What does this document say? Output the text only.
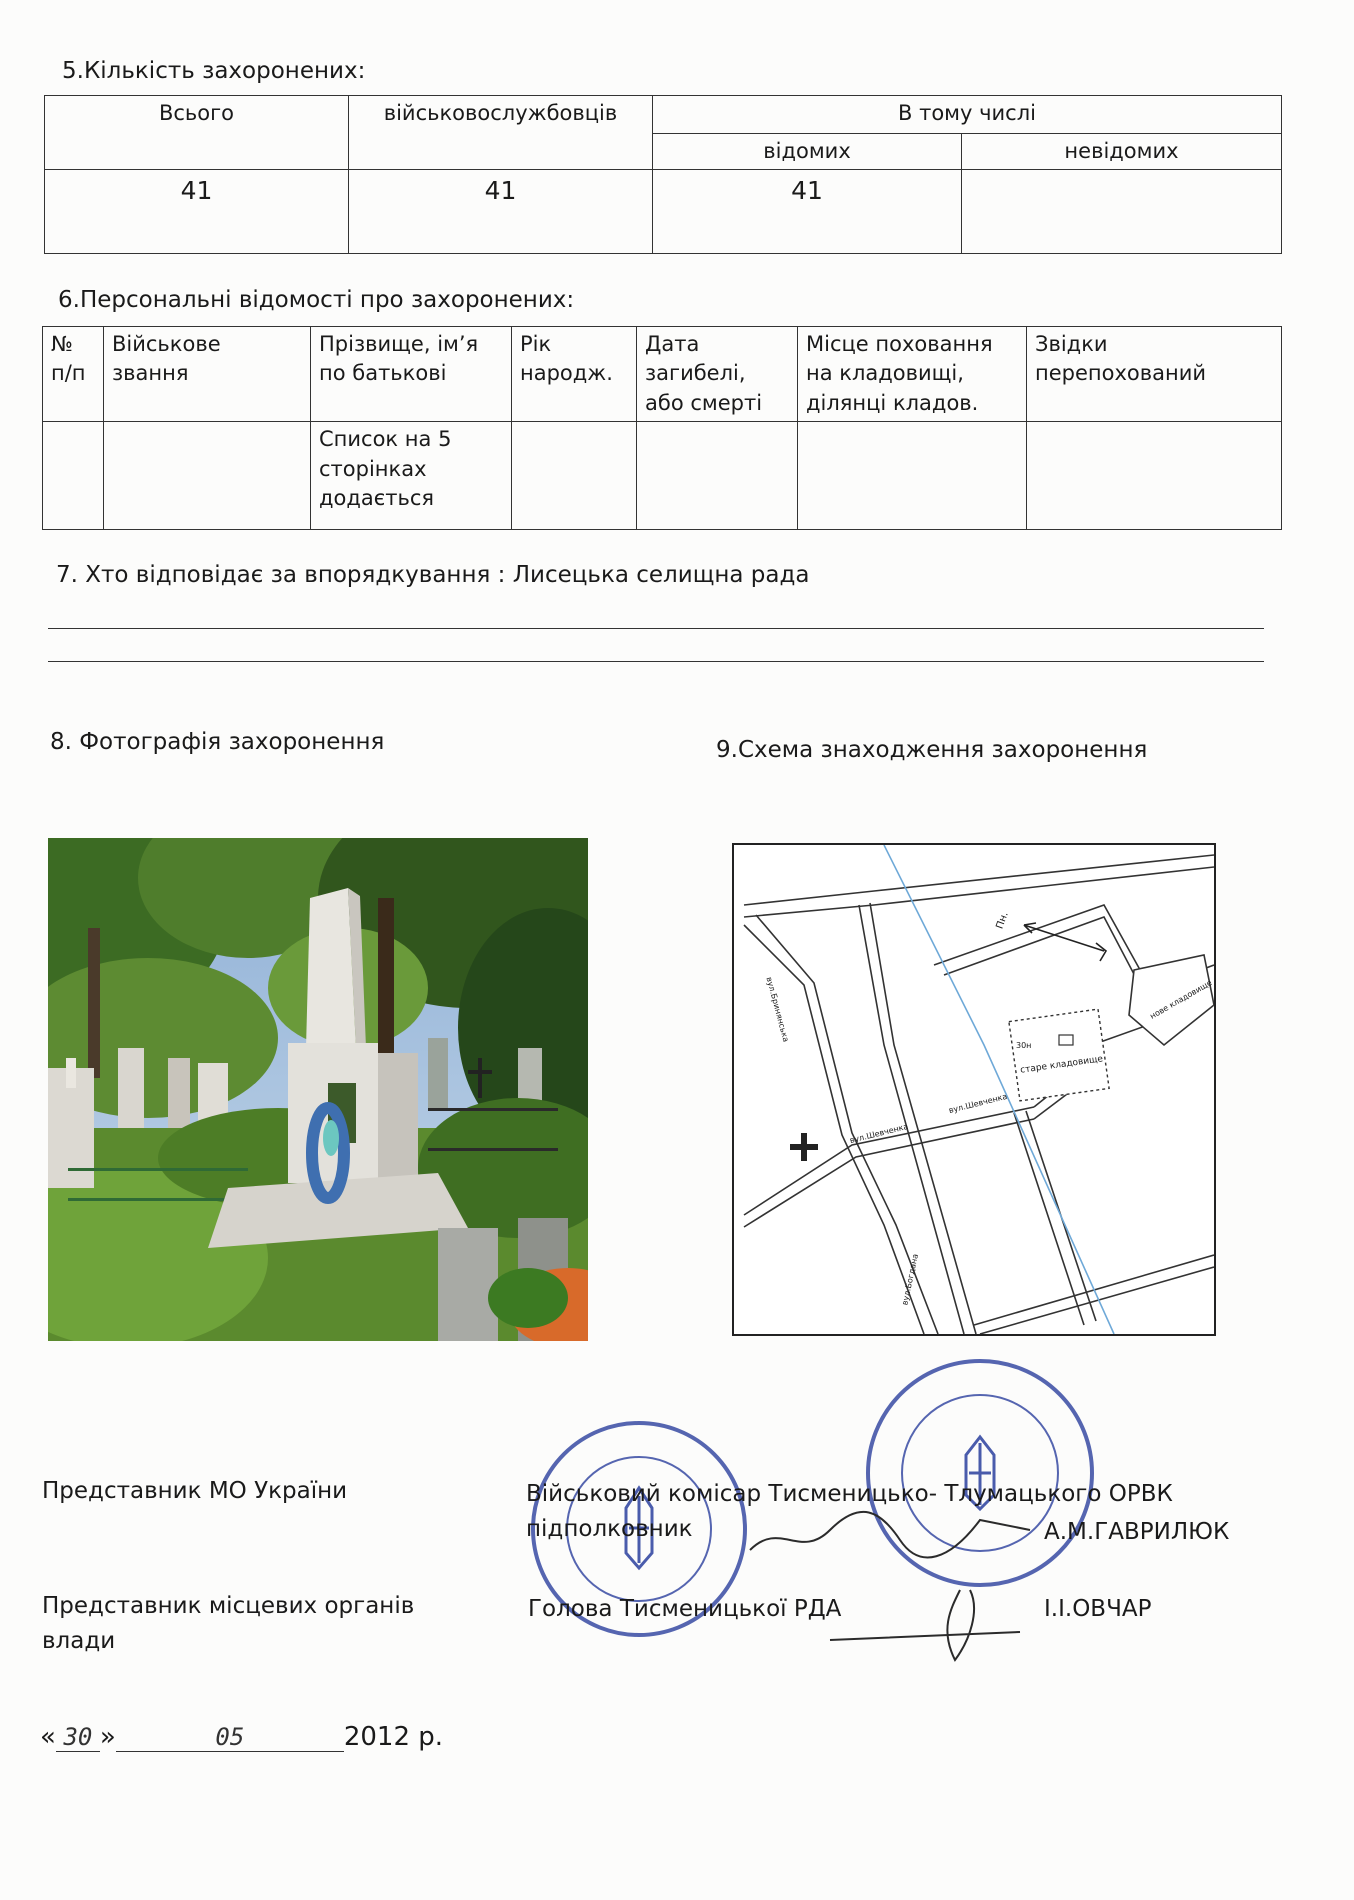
5.Кількість захоронених:
Всього	військовослужбовців	В тому числі	
		відомих	невідомих
41	41	41	
6.Персональні відомості про захоронених:
№ п/п	Військове звання	Прізвище, ім’я по батькові	Рік народж.	Дата загибелі, або смерті	Місце поховання на кладовищі, ділянці кладов.	Звідки перепохований
		Список на 5 сторінках додається				
7. Хто відповідає за впорядкування : Лисецька селищна рада
8. Фотографія захоронення	9.Схема знаходження захоронення
нове кладовище
старе кладовище
30н
Пн.
вул.Шевченка
вул.Шевченка
вул.Бринянська
вул.Богдана
Представник МО України	Військовий комісар Тисменицько- Тлумацького ОРВК
підполковник	А.М.ГАВРИЛЮК
Представник місцевих органів
влади
Голова Тисменицької РДА	І.І.ОВЧАР
« 30 »	05	2012 р.
